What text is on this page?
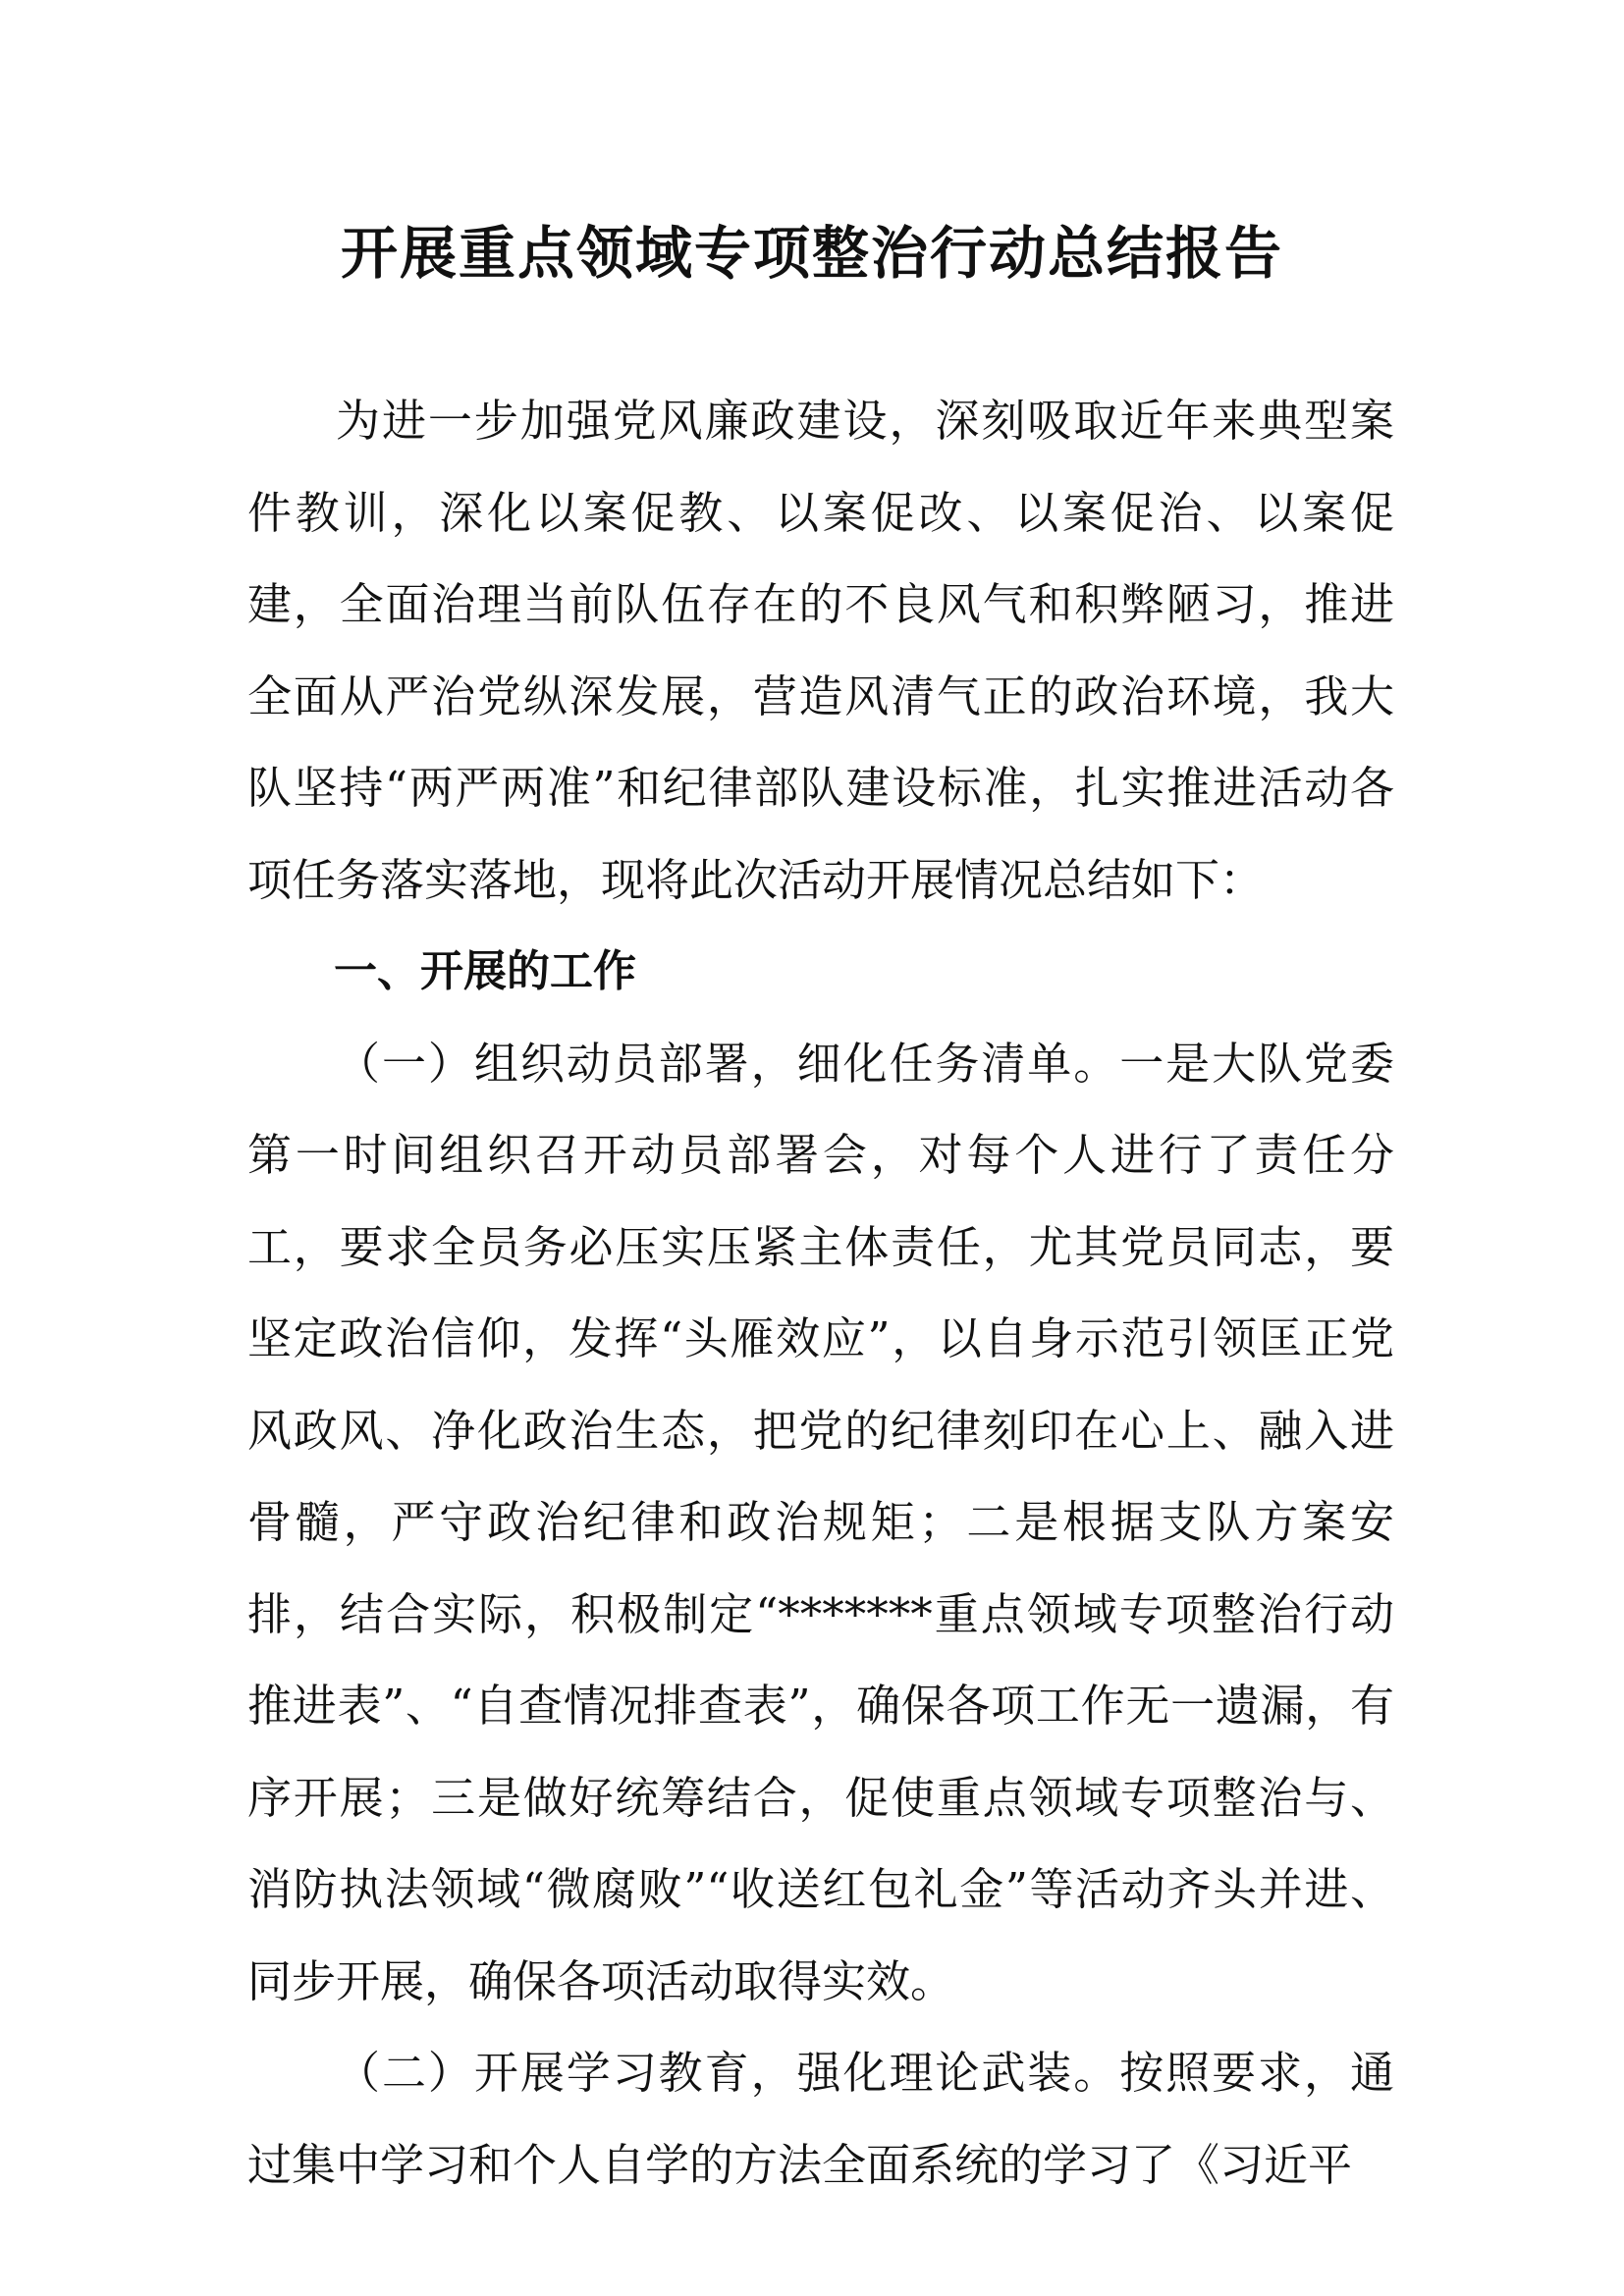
开展重点领域专项整治行动总结报告

为进一步加强党风廉政建设，深刻吸取近年来典型案件教训，深化以案促教、以案促改、以案促治、以案促建，全面治理当前队伍存在的不良风气和积弊陋习，推进全面从严治党纵深发展，营造风清气正的政治环境，我大队坚持“两严两准”和纪律部队建设标准，扎实推进活动各项任务落实落地，现将此次活动开展情况总结如下：

一、开展的工作

（一）组织动员部署，细化任务清单。一是大队党委第一时间组织召开动员部署会，对每个人进行了责任分工，要求全员务必压实压紧主体责任，尤其党员同志，要坚定政治信仰，发挥“头雁效应”，以自身示范引领匡正党风政风、净化政治生态，把党的纪律刻印在心上、融入进骨髓，严守政治纪律和政治规矩；二是根据支队方案安排，结合实际，积极制定“*******重点领域专项整治行动推进表”、“自查情况排查表”，确保各项工作无一遗漏，有序开展；三是做好统筹结合，促使重点领域专项整治与、消防执法领域“微腐败”“收送红包礼金”等活动齐头并进、同步开展，确保各项活动取得实效。

（二）开展学习教育，强化理论武装。按照要求，通过集中学习和个人自学的方法全面系统的学习了《习近平
